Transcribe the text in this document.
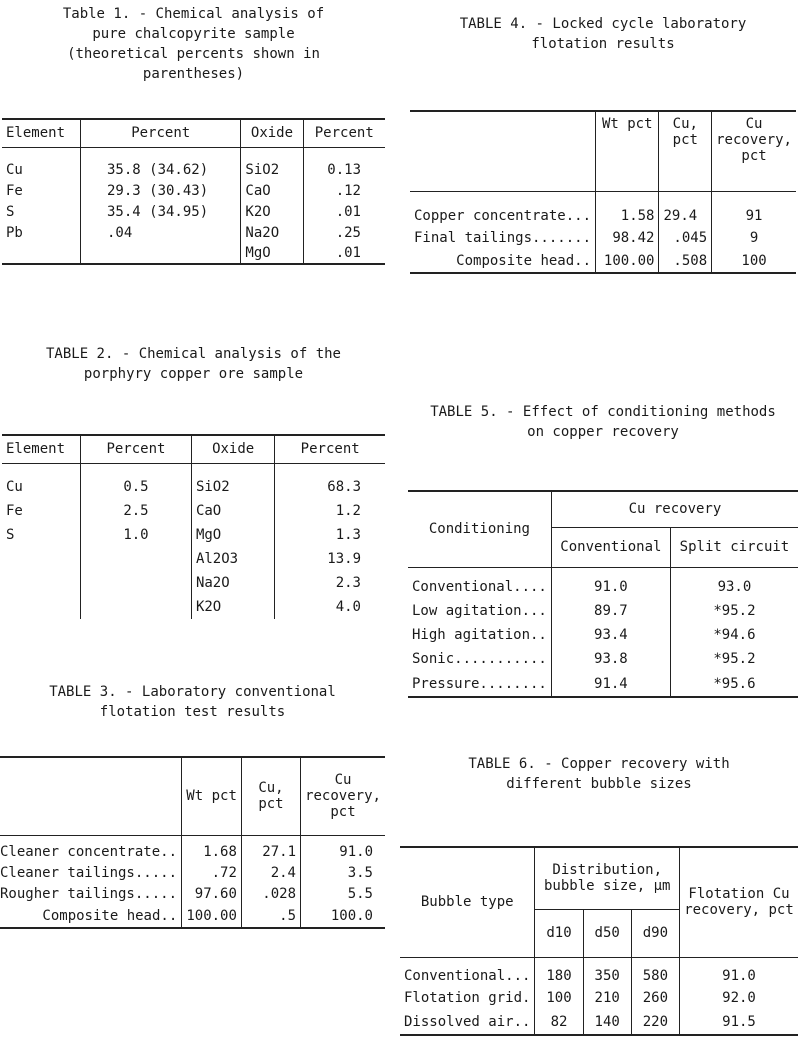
Table 1. - Chemical analysis of pure chalcopyrite sample (theoretical percents shown in parentheses)
Element	Percent	Oxide	Percent

Cu	35.8 (34.62)	SiO2	0.13
Fe	29.3 (30.43)	CaO	.12
S	35.4 (34.95)	K2O	.01
Pb	.04	Na2O	.25
		MgO	.01
TABLE 2. - Chemical analysis of the porphyry copper ore sample
Element	Percent	Oxide	Percent

Cu	0.5	SiO2	68.3
Fe	2.5	CaO	1.2
S	1.0	MgO	1.3
		Al2O3	13.9
		Na2O	2.3
		K2O	4.0
TABLE 3. - Laboratory conventional flotation test results
	Wt pct	Cu, pct	Cu recovery, pct

Cleaner concentrate..	1.68	27.1	91.0
Cleaner tailings.....	.72	2.4	3.5
Rougher tailings.....	97.60	.028	5.5
Composite head..	100.00	.5	100.0
TABLE 4. - Locked cycle laboratory flotation results
	Wt pct	Cu, pct	Cu recovery, pct

Copper concentrate...	1.58	29.4	91
Final tailings.......	98.42	.045	9
Composite head..	100.00	.508	100
TABLE 5. - Effect of conditioning methods on copper recovery
Conditioning	Cu recovery	
	Conventional	Split circuit

Conventional....	91.0	93.0
Low agitation...	89.7	*95.2
High agitation..	93.4	*94.6
Sonic...........	93.8	*95.2
Pressure........	91.4	*95.6
TABLE 6. - Copper recovery with different bubble sizes
Bubble type	Distribution, bubble size, µm			Flotation Cu recovery, pct
	d10	d50	d90	

Conventional...	180	350	580	91.0
Flotation grid.	100	210	260	92.0
Dissolved air..	82	140	220	91.5
